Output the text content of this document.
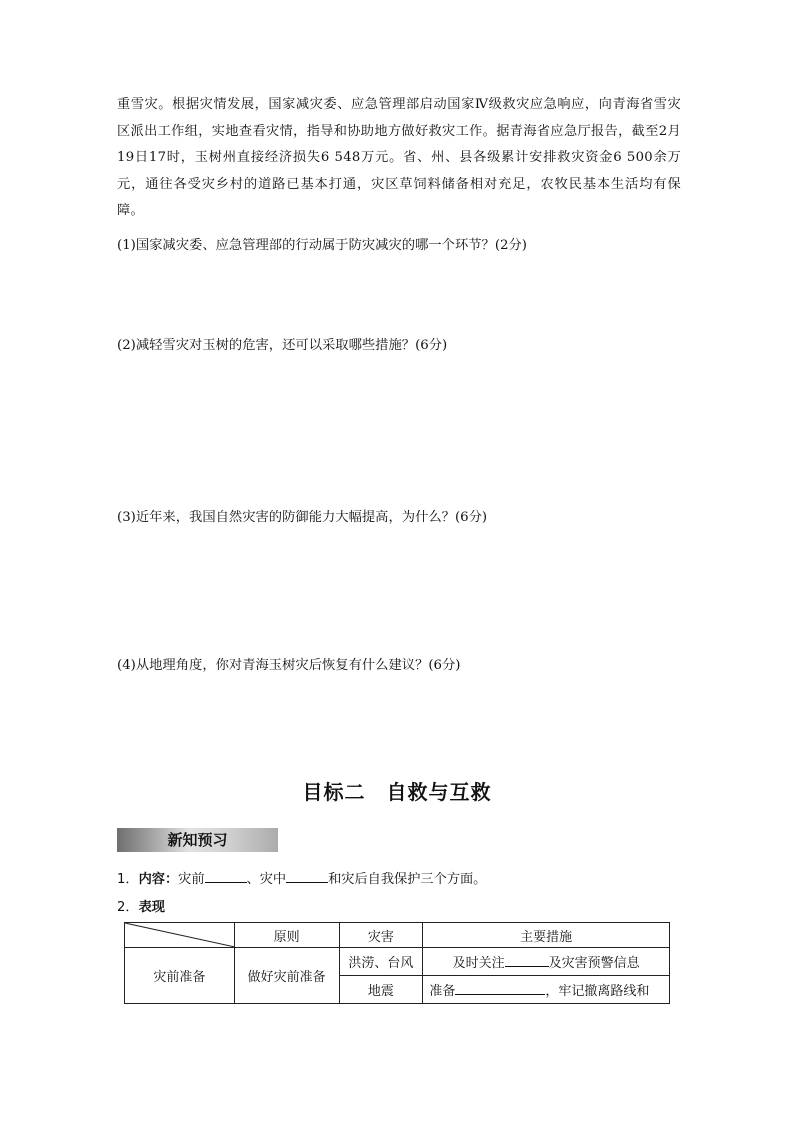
重雪灾。根据灾情发展，国家减灾委、应急管理部启动国家Ⅳ级救灾应急响应，向青海省雪灾区派出工作组，实地查看灾情，指导和协助地方做好救灾工作。据青海省应急厅报告，截至2月19日17时，玉树州直接经济损失6 548万元。省、州、县各级累计安排救灾资金6 500余万元，通往各受灾乡村的道路已基本打通，灾区草饲料储备相对充足，农牧民基本生活均有保障。
(1)国家减灾委、应急管理部的行动属于防灾减灾的哪一个环节？(2分)
(2)减轻雪灾对玉树的危害，还可以采取哪些措施？(6分)
(3)近年来，我国自然灾害的防御能力大幅提高，为什么？(6分)
(4)从地理角度，你对青海玉树灾后恢复有什么建议？(6分)
目标二　自救与互救
新知预习
1．内容：灾前	、灾中	和灾后自我保护三个方面。
2．表现
	原则	灾害	主要措施
灾前准备	做好灾前准备	洪涝、台风	及时关注 及灾害预警信息
		地震	准备 ，牢记撤离路线和
